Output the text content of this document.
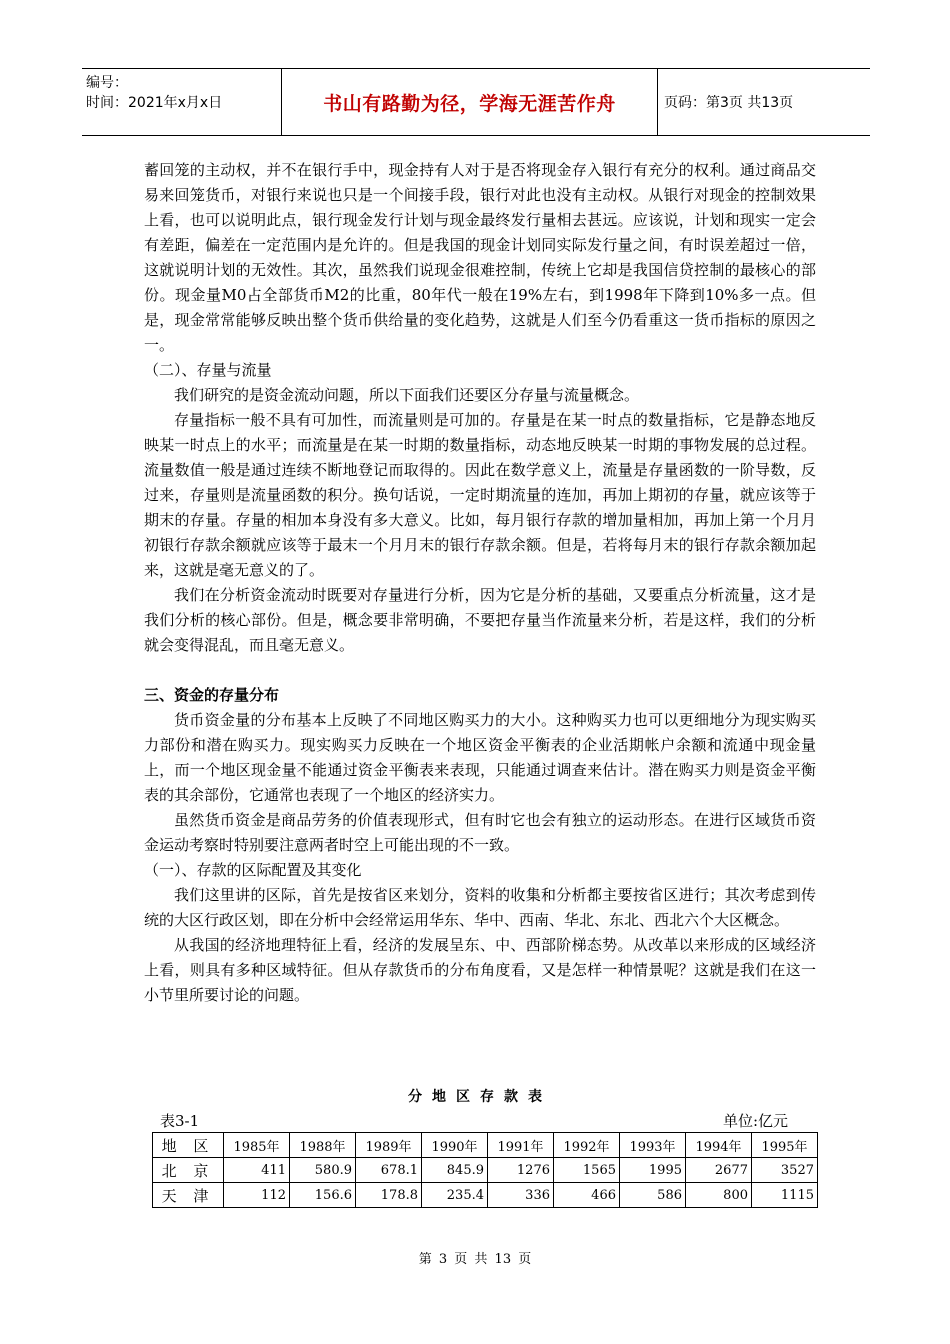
编号：
时间：2021年x月x日	书山有路勤为径，学海无涯苦作舟	页码：第3页 共13页

蓄回笼的主动权，并不在银行手中，现金持有人对于是否将现金存入银行有充分的权利。通过商品交易来回笼货币，对银行来说也只是一个间接手段，银行对此也没有主动权。从银行对现金的控制效果上看，也可以说明此点，银行现金发行计划与现金最终发行量相去甚远。应该说，计划和现实一定会有差距，偏差在一定范围内是允许的。但是我国的现金计划同实际发行量之间，有时误差超过一倍，这就说明计划的无效性。其次，虽然我们说现金很难控制，传统上它却是我国信贷控制的最核心的部份。现金量M0占全部货币M2的比重，80年代一般在19%左右，到1998年下降到10%多一点。但是，现金常常能够反映出整个货币供给量的变化趋势，这就是人们至今仍看重这一货币指标的原因之一。

（二）、存量与流量

我们研究的是资金流动问题，所以下面我们还要区分存量与流量概念。

存量指标一般不具有可加性，而流量则是可加的。存量是在某一时点的数量指标，它是静态地反映某一时点上的水平；而流量是在某一时期的数量指标，动态地反映某一时期的事物发展的总过程。流量数值一般是通过连续不断地登记而取得的。因此在数学意义上，流量是存量函数的一阶导数，反过来，存量则是流量函数的积分。换句话说，一定时期流量的连加，再加上期初的存量，就应该等于期末的存量。存量的相加本身没有多大意义。比如，每月银行存款的增加量相加，再加上第一个月月初银行存款余额就应该等于最末一个月月末的银行存款余额。但是，若将每月末的银行存款余额加起来，这就是毫无意义的了。

我们在分析资金流动时既要对存量进行分析，因为它是分析的基础，又要重点分析流量，这才是我们分析的核心部份。但是，概念要非常明确，不要把存量当作流量来分析，若是这样，我们的分析就会变得混乱，而且毫无意义。

三、资金的存量分布

货币资金量的分布基本上反映了不同地区购买力的大小。这种购买力也可以更细地分为现实购买力部份和潜在购买力。现实购买力反映在一个地区资金平衡表的企业活期帐户余额和流通中现金量上，而一个地区现金量不能通过资金平衡表来表现，只能通过调查来估计。潜在购买力则是资金平衡表的其余部份，它通常也表现了一个地区的经济实力。

虽然货币资金是商品劳务的价值表现形式，但有时它也会有独立的运动形态。在进行区域货币资金运动考察时特别要注意两者时空上可能出现的不一致。

（一）、存款的区际配置及其变化

我们这里讲的区际，首先是按省区来划分，资料的收集和分析都主要按省区进行；其次考虑到传统的大区行政区划，即在分析中会经常运用华东、华中、西南、华北、东北、西北六个大区概念。

从我国的经济地理特征上看，经济的发展呈东、中、西部阶梯态势。从改革以来形成的区域经济上看，则具有多种区域特征。但从存款货币的分布角度看，又是怎样一种情景呢？这就是我们在这一小节里所要讨论的问题。

分地区存款表
表3-1	单位:亿元
地 区	1985年	1988年	1989年	1990年	1991年	1992年	1993年	1994年	1995年
北 京	411	580.9	678.1	845.9	1276	1565	1995	2677	3527
天 津	112	156.6	178.8	235.4	336	466	586	800	1115
第 3 页 共 13 页
